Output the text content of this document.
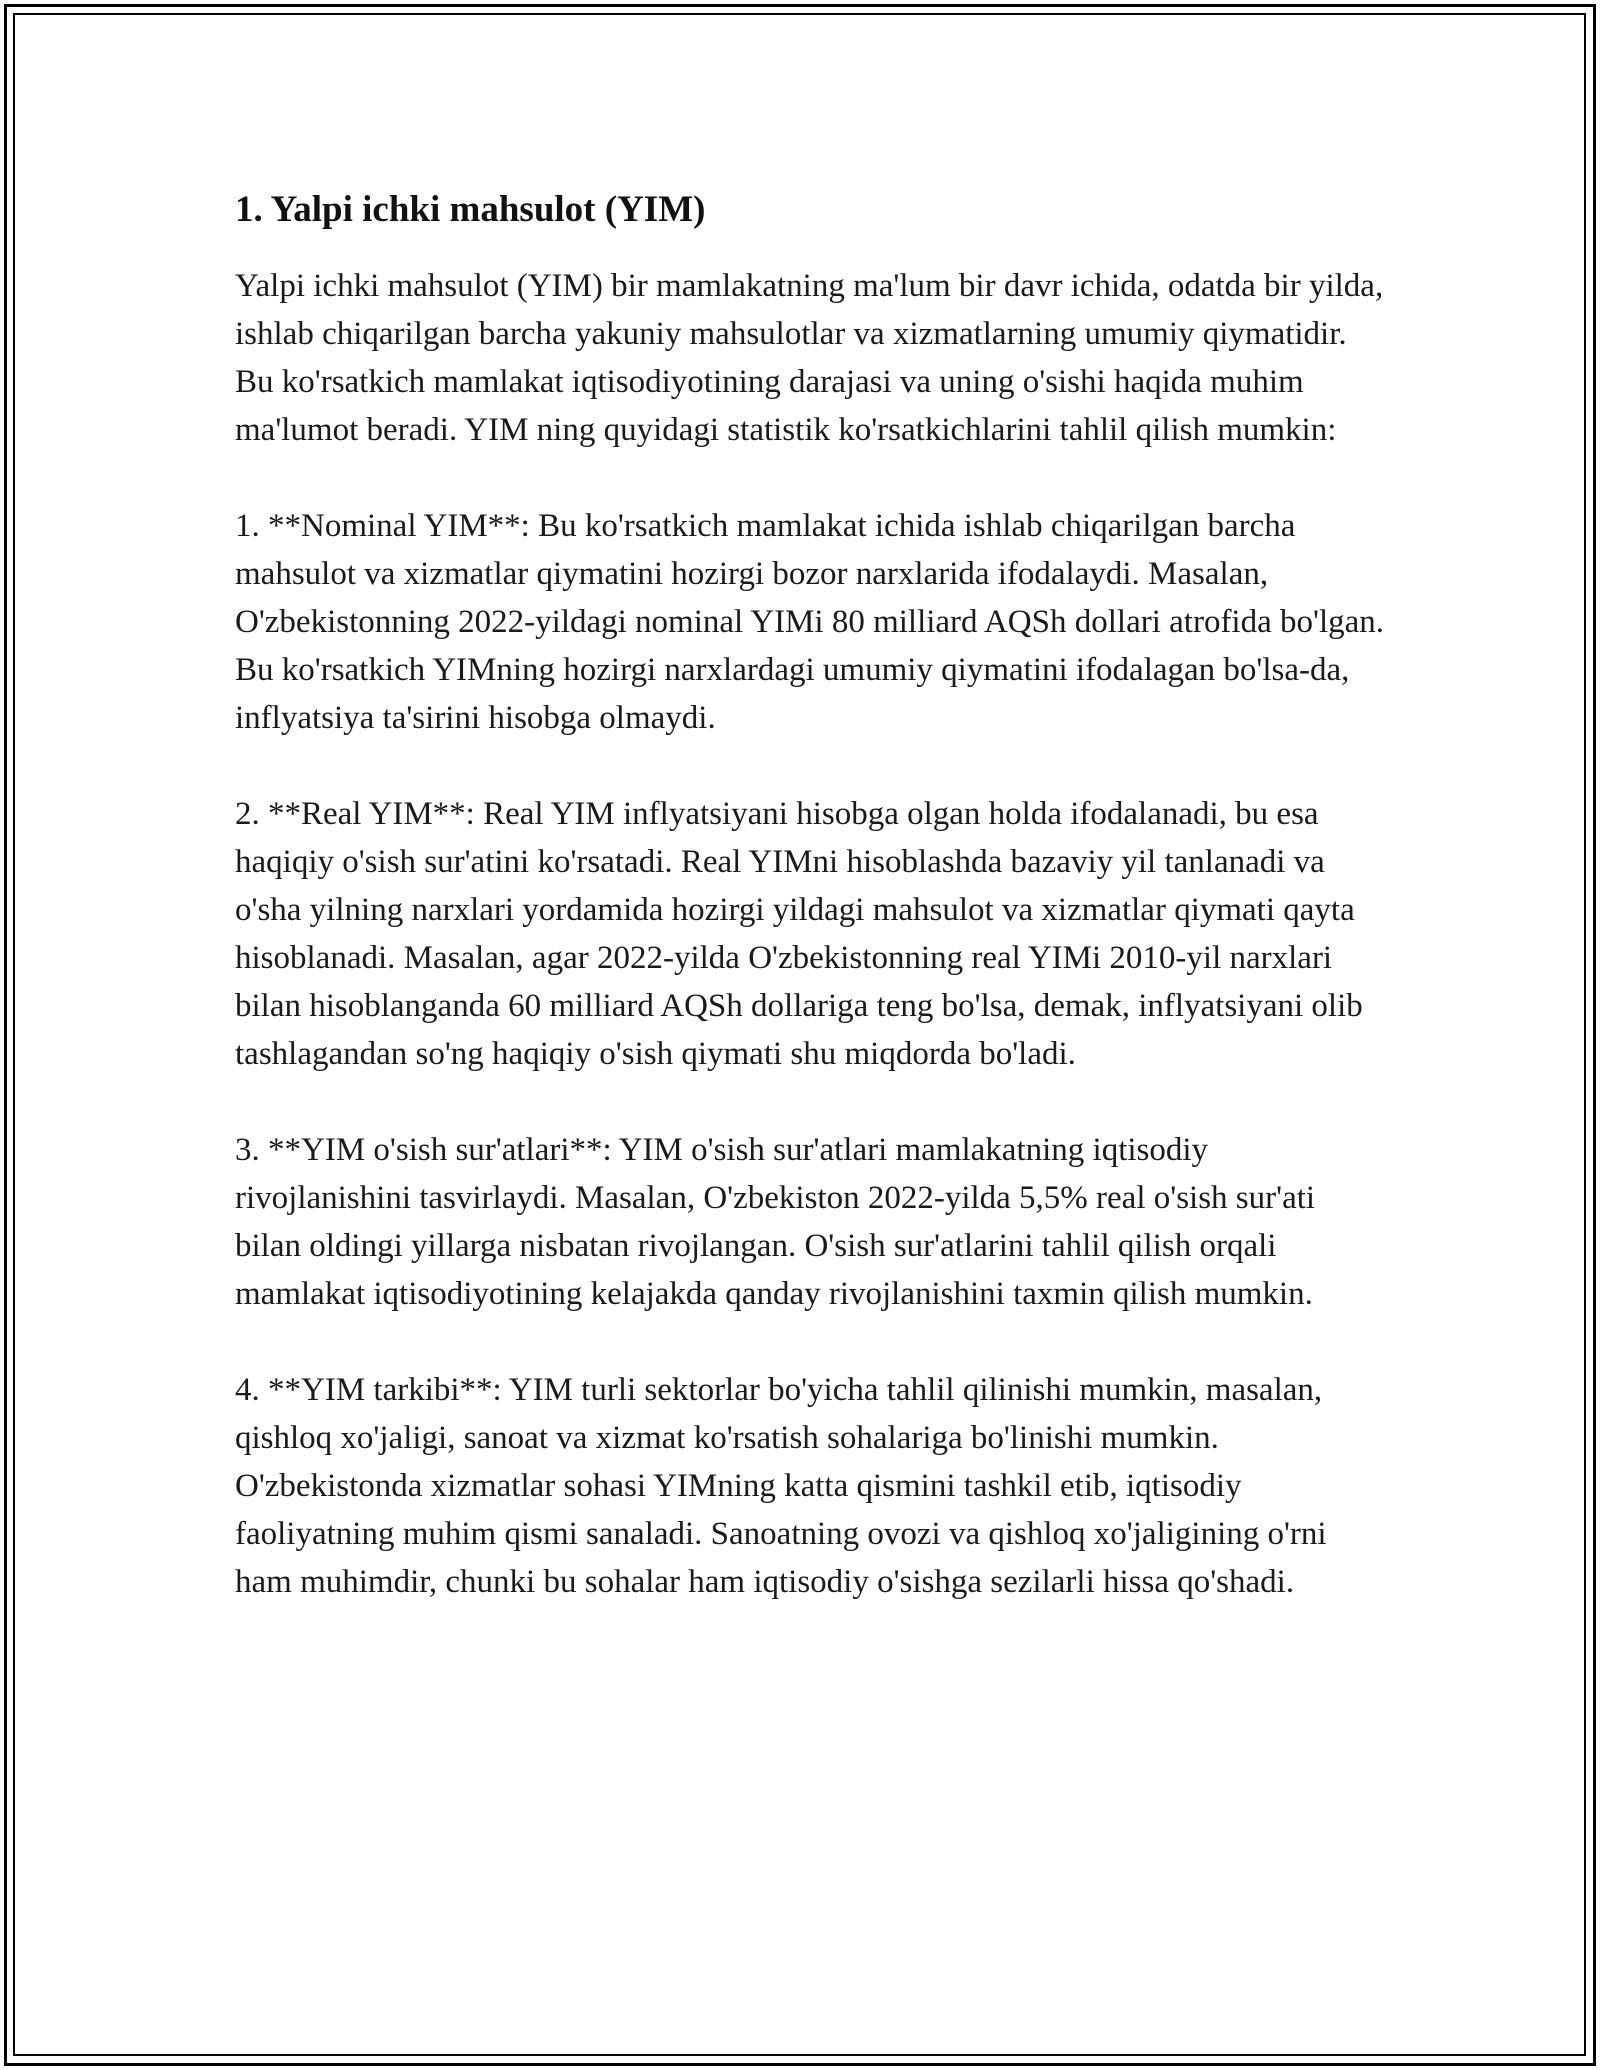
1. Yalpi ichki mahsulot (YIM)

Yalpi ichki mahsulot (YIM) bir mamlakatning ma'lum bir davr ichida, odatda bir yilda, ishlab chiqarilgan barcha yakuniy mahsulotlar va xizmatlarning umumiy qiymatidir. Bu ko'rsatkich mamlakat iqtisodiyotining darajasi va uning o'sishi haqida muhim ma'lumot beradi. YIM ning quyidagi statistik ko'rsatkichlarini tahlil qilish mumkin:

1. **Nominal YIM**: Bu ko'rsatkich mamlakat ichida ishlab chiqarilgan barcha mahsulot va xizmatlar qiymatini hozirgi bozor narxlarida ifodalaydi. Masalan, O'zbekistonning 2022-yildagi nominal YIMi 80 milliard AQSh dollari atrofida bo'lgan. Bu ko'rsatkich YIMning hozirgi narxlardagi umumiy qiymatini ifodalagan bo'lsa-da, inflyatsiya ta'sirini hisobga olmaydi.

2. **Real YIM**: Real YIM inflyatsiyani hisobga olgan holda ifodalanadi, bu esa haqiqiy o'sish sur'atini ko'rsatadi. Real YIMni hisoblashda bazaviy yil tanlanadi va o'sha yilning narxlari yordamida hozirgi yildagi mahsulot va xizmatlar qiymati qayta hisoblanadi. Masalan, agar 2022-yilda O'zbekistonning real YIMi 2010-yil narxlari bilan hisoblanganda 60 milliard AQSh dollariga teng bo'lsa, demak, inflyatsiyani olib tashlagandan so'ng haqiqiy o'sish qiymati shu miqdorda bo'ladi.

3. **YIM o'sish sur'atlari**: YIM o'sish sur'atlari mamlakatning iqtisodiy rivojlanishini tasvirlaydi. Masalan, O'zbekiston 2022-yilda 5,5% real o'sish sur'ati bilan oldingi yillarga nisbatan rivojlangan. O'sish sur'atlarini tahlil qilish orqali mamlakat iqtisodiyotining kelajakda qanday rivojlanishini taxmin qilish mumkin.

4. **YIM tarkibi**: YIM turli sektorlar bo'yicha tahlil qilinishi mumkin, masalan, qishloq xo'jaligi, sanoat va xizmat ko'rsatish sohalariga bo'linishi mumkin. O'zbekistonda xizmatlar sohasi YIMning katta qismini tashkil etib, iqtisodiy faoliyatning muhim qismi sanaladi. Sanoatning ovozi va qishloq xo'jaligining o'rni ham muhimdir, chunki bu sohalar ham iqtisodiy o'sishga sezilarli hissa qo'shadi.
